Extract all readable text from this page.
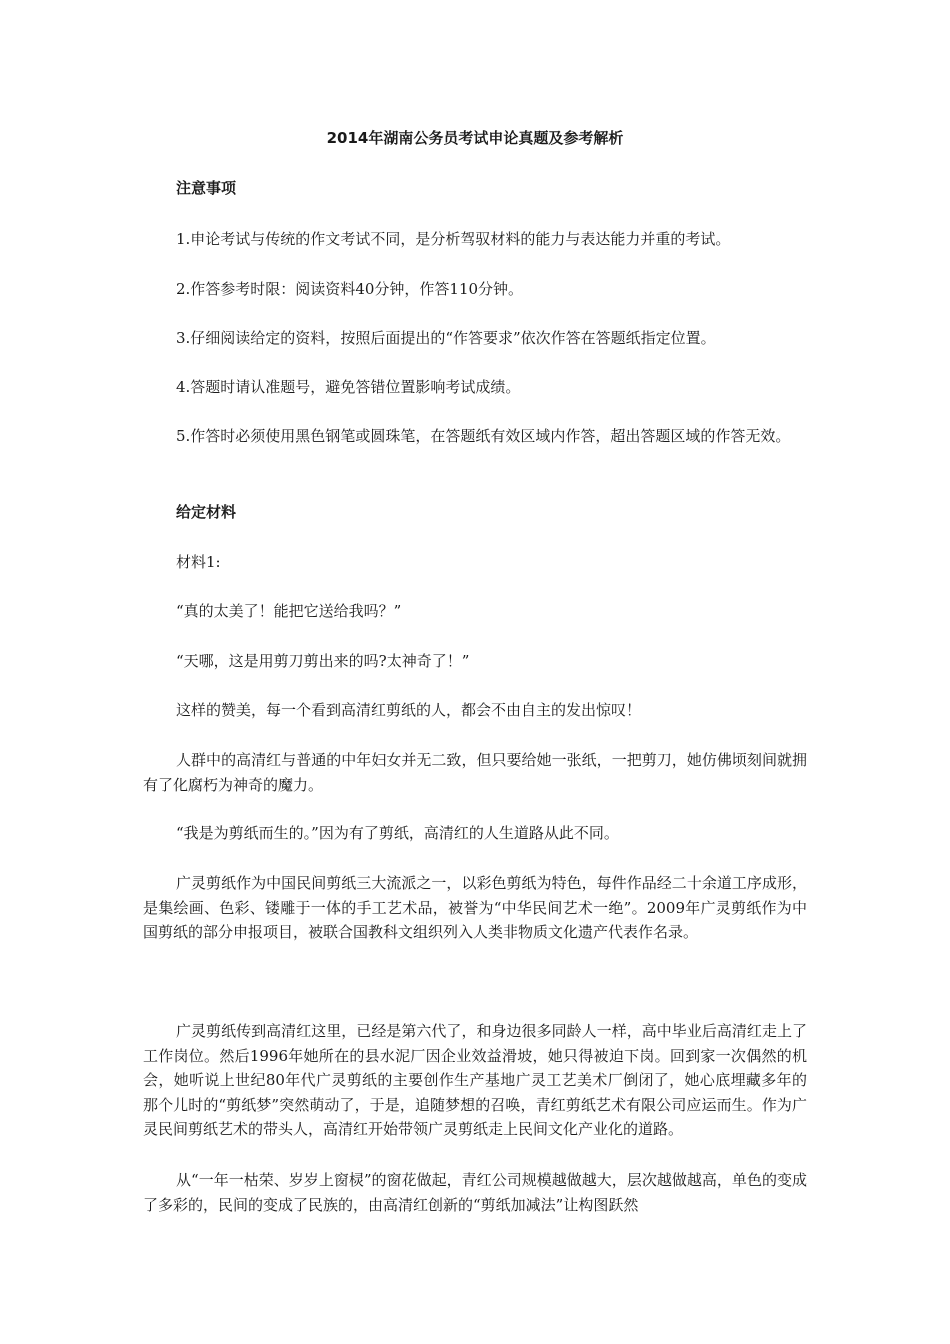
2014年湖南公务员考试申论真题及参考解析
注意事项

1.申论考试与传统的作文考试不同，是分析驾驭材料的能力与表达能力并重的考试。

2.作答参考时限：阅读资料40分钟，作答110分钟。

3.仔细阅读给定的资料，按照后面提出的“作答要求”依次作答在答题纸指定位置。

4.答题时请认准题号，避免答错位置影响考试成绩。

5.作答时必须使用黑色钢笔或圆珠笔，在答题纸有效区域内作答，超出答题区域的作答无效。

给定材料

材料1:

“真的太美了！能把它送给我吗？”

“天哪，这是用剪刀剪出来的吗?太神奇了！”

这样的赞美，每一个看到高清红剪纸的人，都会不由自主的发出惊叹！

人群中的高清红与普通的中年妇女并无二致，但只要给她一张纸，一把剪刀，她仿佛顷刻间就拥有了化腐朽为神奇的魔力。

“我是为剪纸而生的。”因为有了剪纸，高清红的人生道路从此不同。

广灵剪纸作为中国民间剪纸三大流派之一，以彩色剪纸为特色，每件作品经二十余道工序成形，是集绘画、色彩、镂雕于一体的手工艺术品，被誉为“中华民间艺术一绝”。2009年广灵剪纸作为中国剪纸的部分申报项目，被联合国教科文组织列入人类非物质文化遗产代表作名录。

广灵剪纸传到高清红这里，已经是第六代了，和身边很多同龄人一样，高中毕业后高清红走上了工作岗位。然后1996年她所在的县水泥厂因企业效益滑坡，她只得被迫下岗。回到家一次偶然的机会，她听说上世纪80年代广灵剪纸的主要创作生产基地广灵工艺美术厂倒闭了，她心底埋藏多年的那个儿时的“剪纸梦”突然萌动了，于是，追随梦想的召唤，青红剪纸艺术有限公司应运而生。作为广灵民间剪纸艺术的带头人，高清红开始带领广灵剪纸走上民间文化产业化的道路。

从“一年一枯荣、岁岁上窗棂”的窗花做起，青红公司规模越做越大，层次越做越高，单色的变成了多彩的，民间的变成了民族的，由高清红创新的“剪纸加减法”让构图跃然
